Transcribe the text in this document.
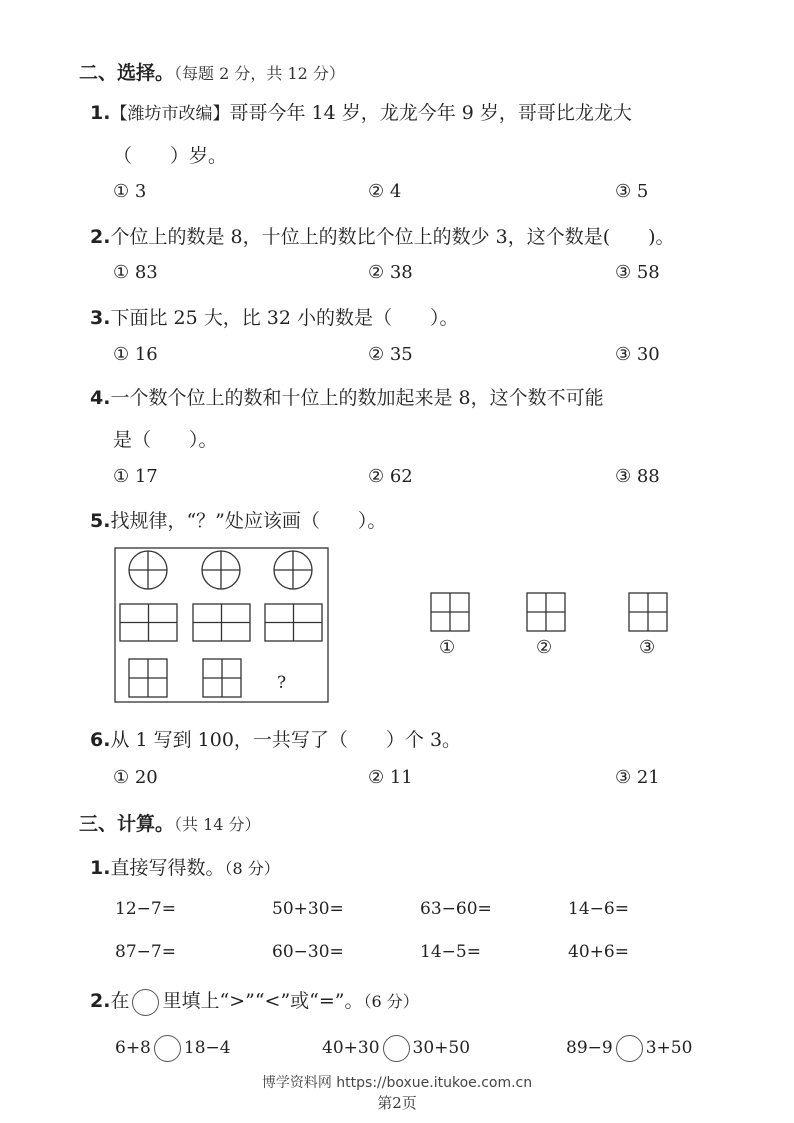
二、选择。（每题 2 分，共 12 分）
1.【潍坊市改编】哥哥今年 14 岁，龙龙今年 9 岁，哥哥比龙龙大
（　　）岁。
① 3	② 4	③ 5
2.个位上的数是 8，十位上的数比个位上的数少 3，这个数是(　　)。
① 83	② 38	③ 58
3.下面比 25 大，比 32 小的数是（　　）。
① 16	② 35	③ 30
4.一个数个位上的数和十位上的数加起来是 8，这个数不可能
是（　　）。
① 17	② 62	③ 88
5.找规律，“？”处应该画（　　）。
?
①	②	③
6.从 1 写到 100，一共写了（　　）个 3。
① 20	② 11	③ 21
三、计算。（共 14 分）
1.直接写得数。（8 分）
12−7=	50+30=	63−60=	14−6=
87−7=	60−30=	14−5=	40+6=
2.在 里填上“>”“<”或“=”。（6 分）
6+8 18−4	40+30 30+50	89−9 3+50
博学资料网 https://boxue.itukoe.com.cn
第2页
